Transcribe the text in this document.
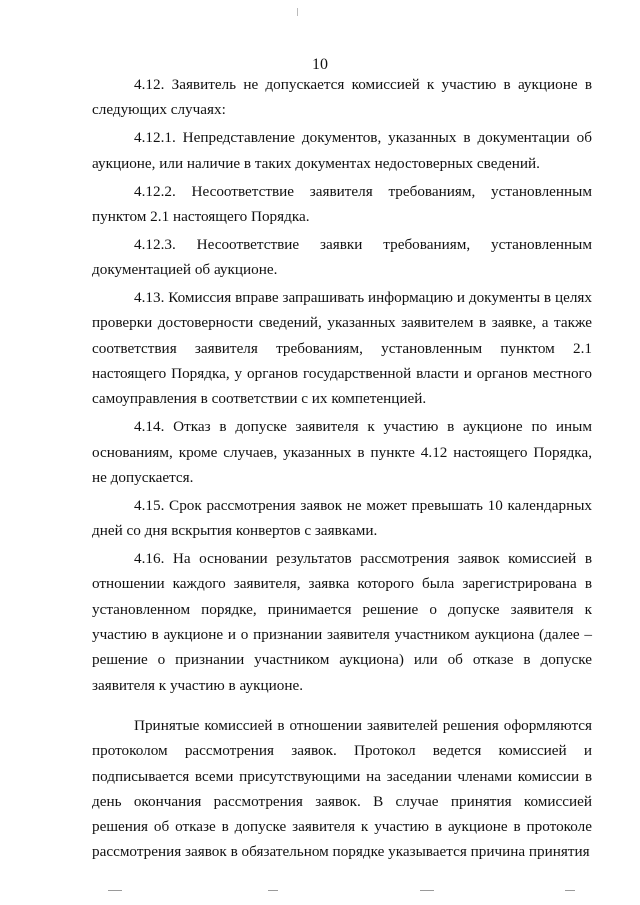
10

4.12. Заявитель не допускается комиссией к участию в аукционе в следующих случаях:

4.12.1. Непредставление документов, указанных в документации об аукционе, или наличие в таких документах недостоверных сведений.

4.12.2. Несоответствие заявителя требованиям, установленным пунктом 2.1 настоящего Порядка.

4.12.3. Несоответствие заявки требованиям, установленным документацией об аукционе.

4.13. Комиссия вправе запрашивать информацию и документы в целях проверки достоверности сведений, указанных заявителем в заявке, а также соответствия заявителя требованиям, установленным пунктом 2.1 настоящего Порядка, у органов государственной власти и органов местного самоуправления в соответствии с их компетенцией.

4.14. Отказ в допуске заявителя к участию в аукционе по иным основаниям, кроме случаев, указанных в пункте 4.12 настоящего Порядка, не допускается.

4.15. Срок рассмотрения заявок не может превышать 10 календарных дней со дня вскрытия конвертов с заявками.

4.16. На основании результатов рассмотрения заявок комиссией в отношении каждого заявителя, заявка которого была зарегистрирована в установленном порядке, принимается решение о допуске заявителя к участию в аукционе и о признании заявителя участником аукциона (далее – решение о признании участником аукциона) или об отказе в допуске заявителя к участию в аукционе.

Принятые комиссией в отношении заявителей решения оформляются протоколом рассмотрения заявок. Протокол ведется комиссией и подписывается всеми присутствующими на заседании членами комиссии в день окончания рассмотрения заявок. В случае принятия комиссией решения об отказе в допуске заявителя к участию в аукционе в протоколе рассмотрения заявок в обязательном порядке указывается причина принятия
